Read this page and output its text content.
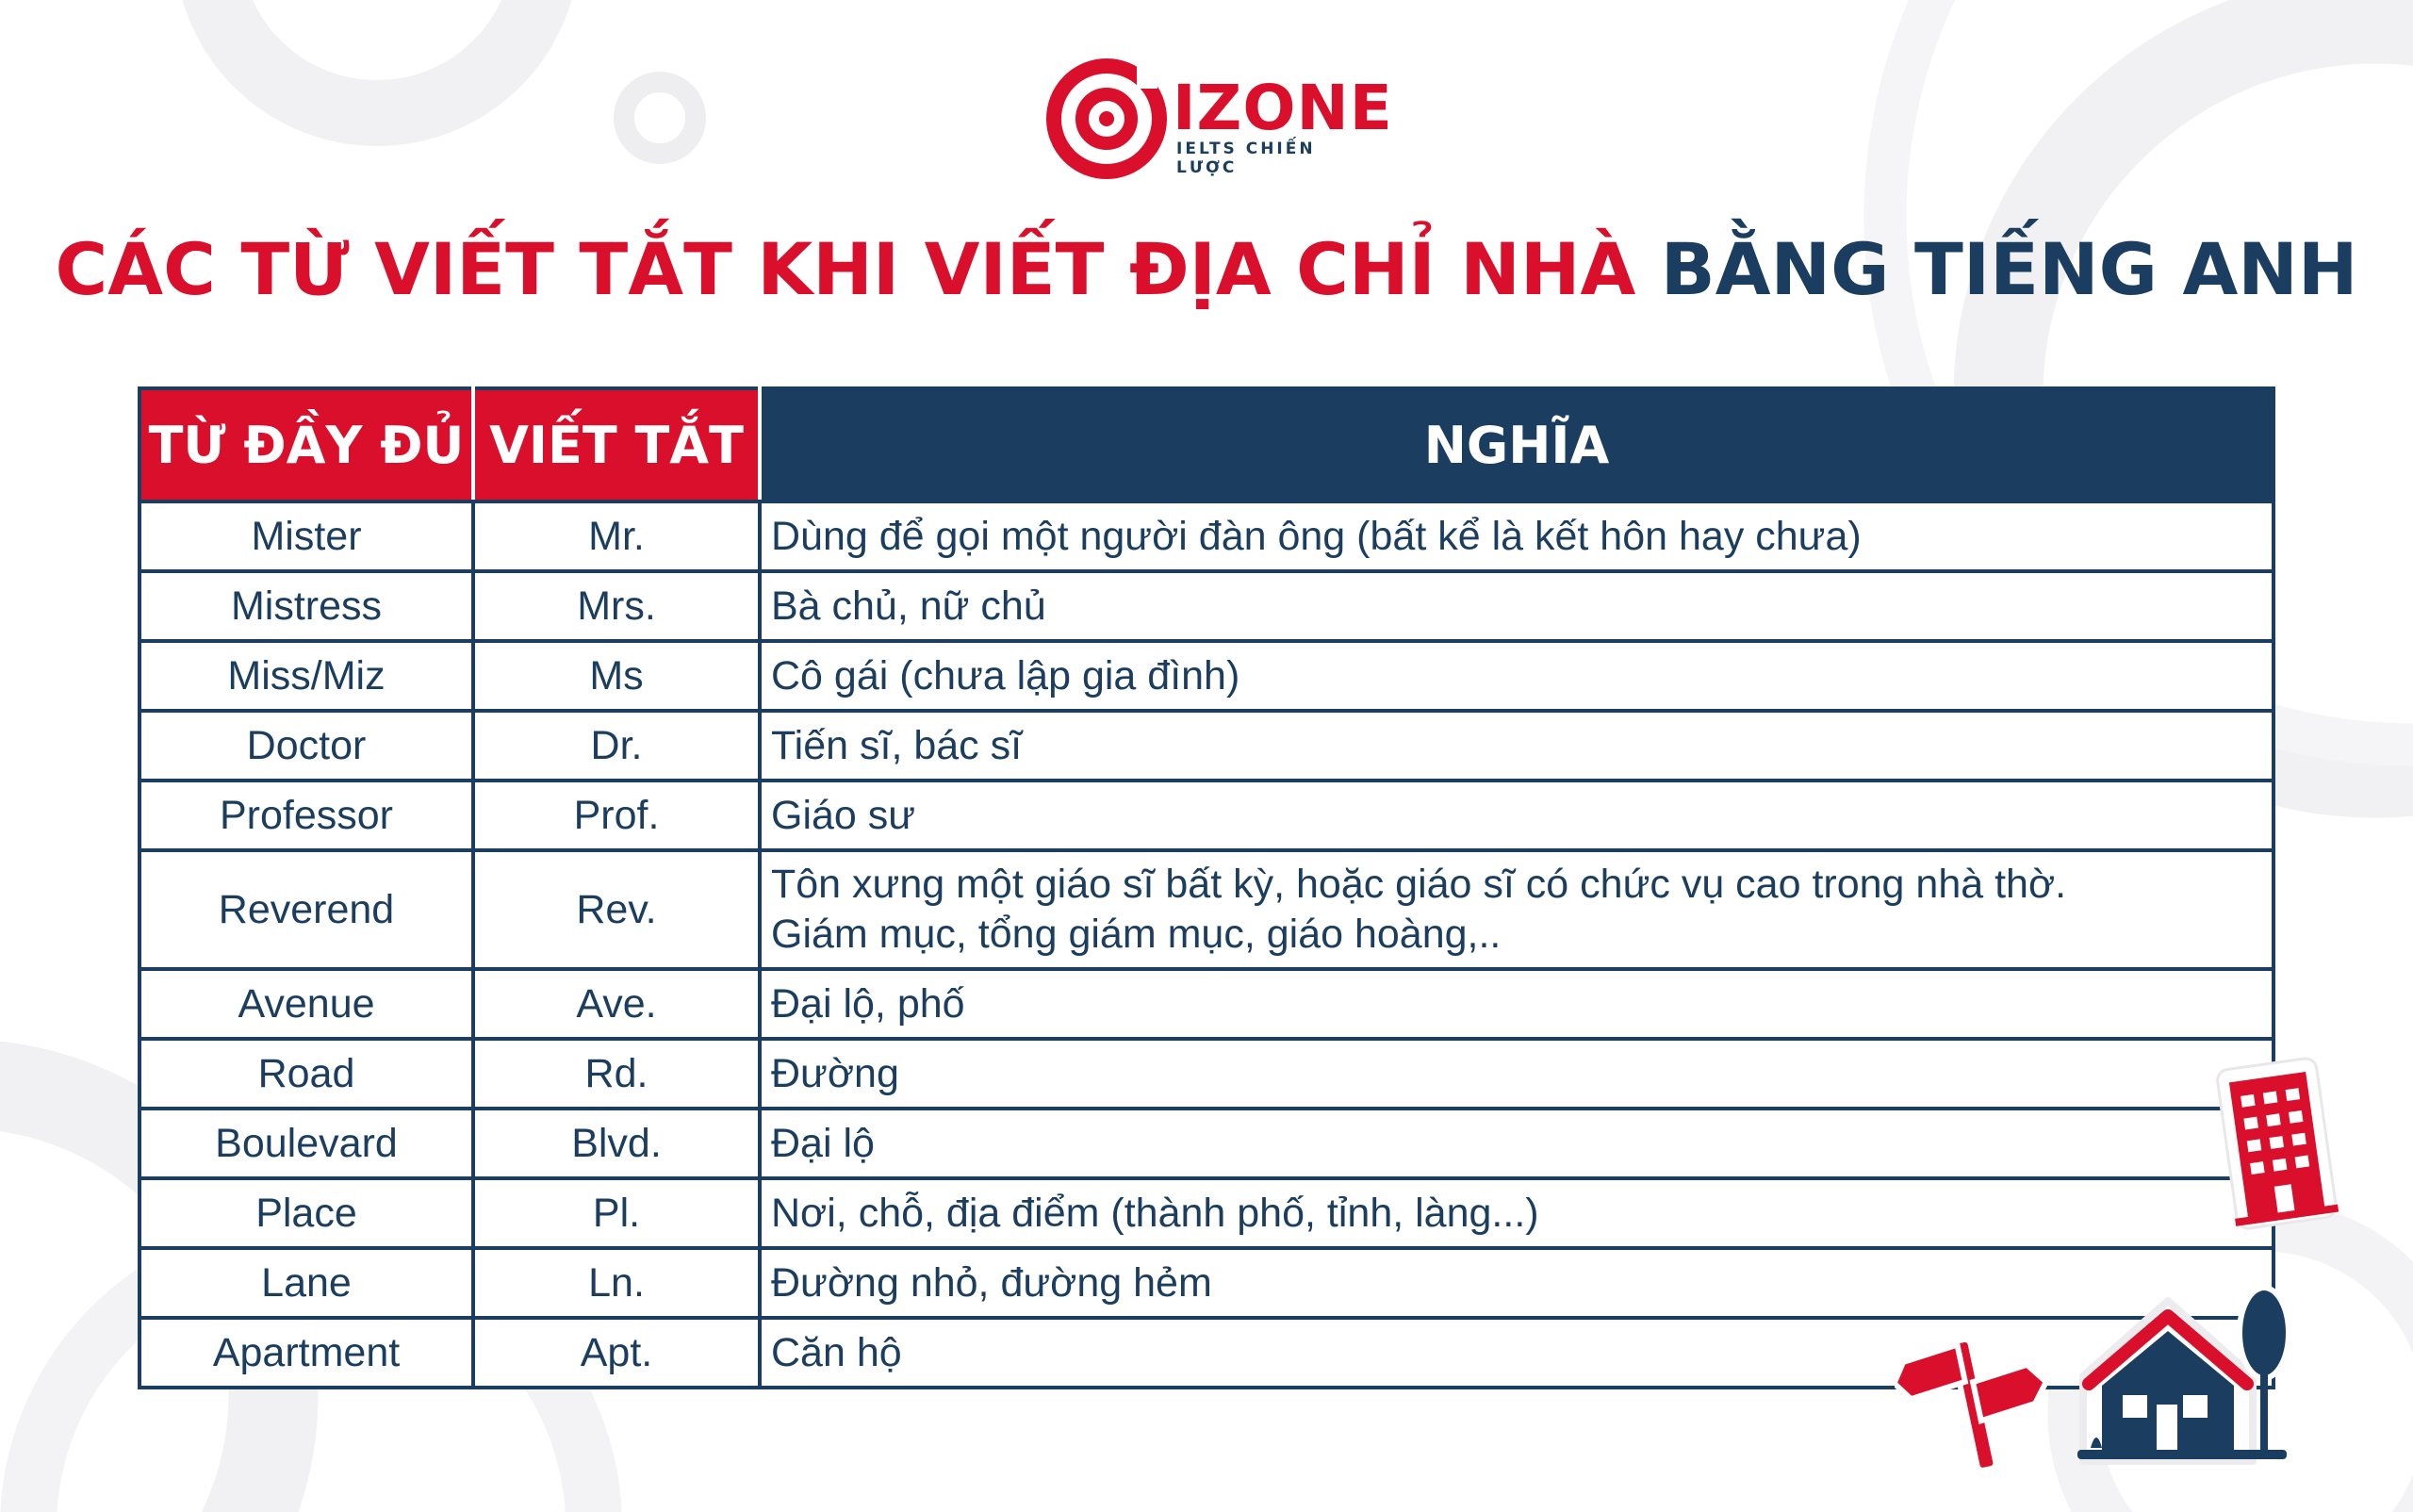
IZONE
IELTS CHIẾN LƯỢC
CÁC TỪ VIẾT TẮT KHI VIẾT ĐỊA CHỈ NHÀ BẰNG TIẾNG ANH
TỪ ĐẦY ĐỦ	VIẾT TẮT	NGHĨA
Mister	Mr.	Dùng để gọi một người đàn ông (bất kể là kết hôn hay chưa)
Mistress	Mrs.	Bà chủ, nữ chủ
Miss/Miz	Ms	Cô gái (chưa lập gia đình)
Doctor	Dr.	Tiến sĩ, bác sĩ
Professor	Prof.	Giáo sư
Reverend	Rev.	Tôn xưng một giáo sĩ bất kỳ, hoặc giáo sĩ có chức vụ cao trong nhà thờ.
Giám mục, tổng giám mục, giáo hoàng,..

Avenue	Ave.	Đại lộ, phố
Road	Rd.	Đường
Boulevard	Blvd.	Đại lộ
Place	Pl.	Nơi, chỗ, địa điểm (thành phố, tỉnh, làng...)
Lane	Ln.	Đường nhỏ, đường hẻm
Apartment	Apt.	Căn hộ
